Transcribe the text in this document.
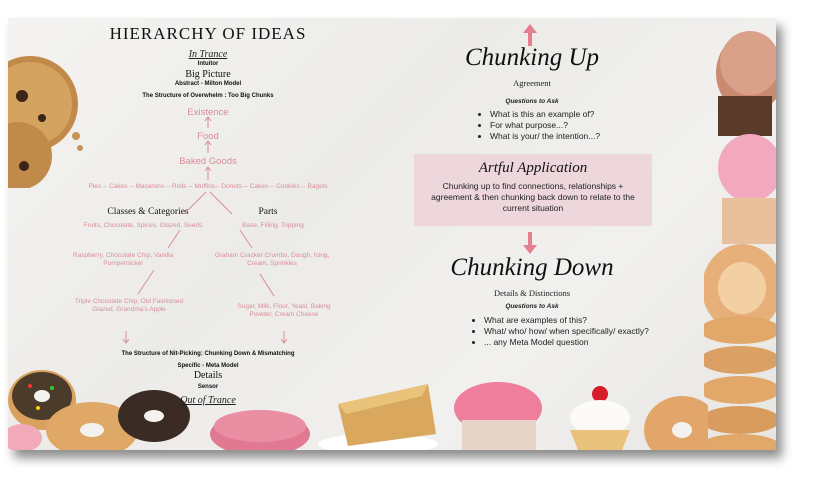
HIERARCHY OF IDEAS
In Trance
Intuitor
Big Picture
Abstract - Milton Model
The Structure of Overwhelm : Too Big Chunks
Existence
Food
Baked Goods
Pies -- Cakes -- Macarons -- Rolls -- Muffins-- Donuts -- Cakes -- Cookies -- Bagels
Classes & Categories	Parts
Fruits, Chocolate, Spices, Glazed, Seeds	Base, Filling, Topping
Raspberry, Chocolate Chip, Vanilla Pumpernickel
Graham Cracker Crumbs, Dough, Icing, Cream, Sprinkles
Triple Chocolate Chip, Old Fashioned Glazed, Grandma's Apple	Sugar, Milk, Flour, Yeast, Baking Powder, Cream Cheese
The Structure of Nit-Picking: Chunking Down & Mismatching
Specific - Meta Model
Details
Sensor
Out of Trance
Chunking Up
Agreement
Questions to Ask
• What is this an example of?
• For what purpose...?
• What is your/ the intention...?
Artful Application
Chunking up to find connections, relationships + agreement & then chunking back down to relate to the current situation
Chunking Down
Details & Distinctions
Questions to Ask
• What are examples of this?
• What/ who/ how/ when specifically/ exactly?
• ... any Meta Model question
